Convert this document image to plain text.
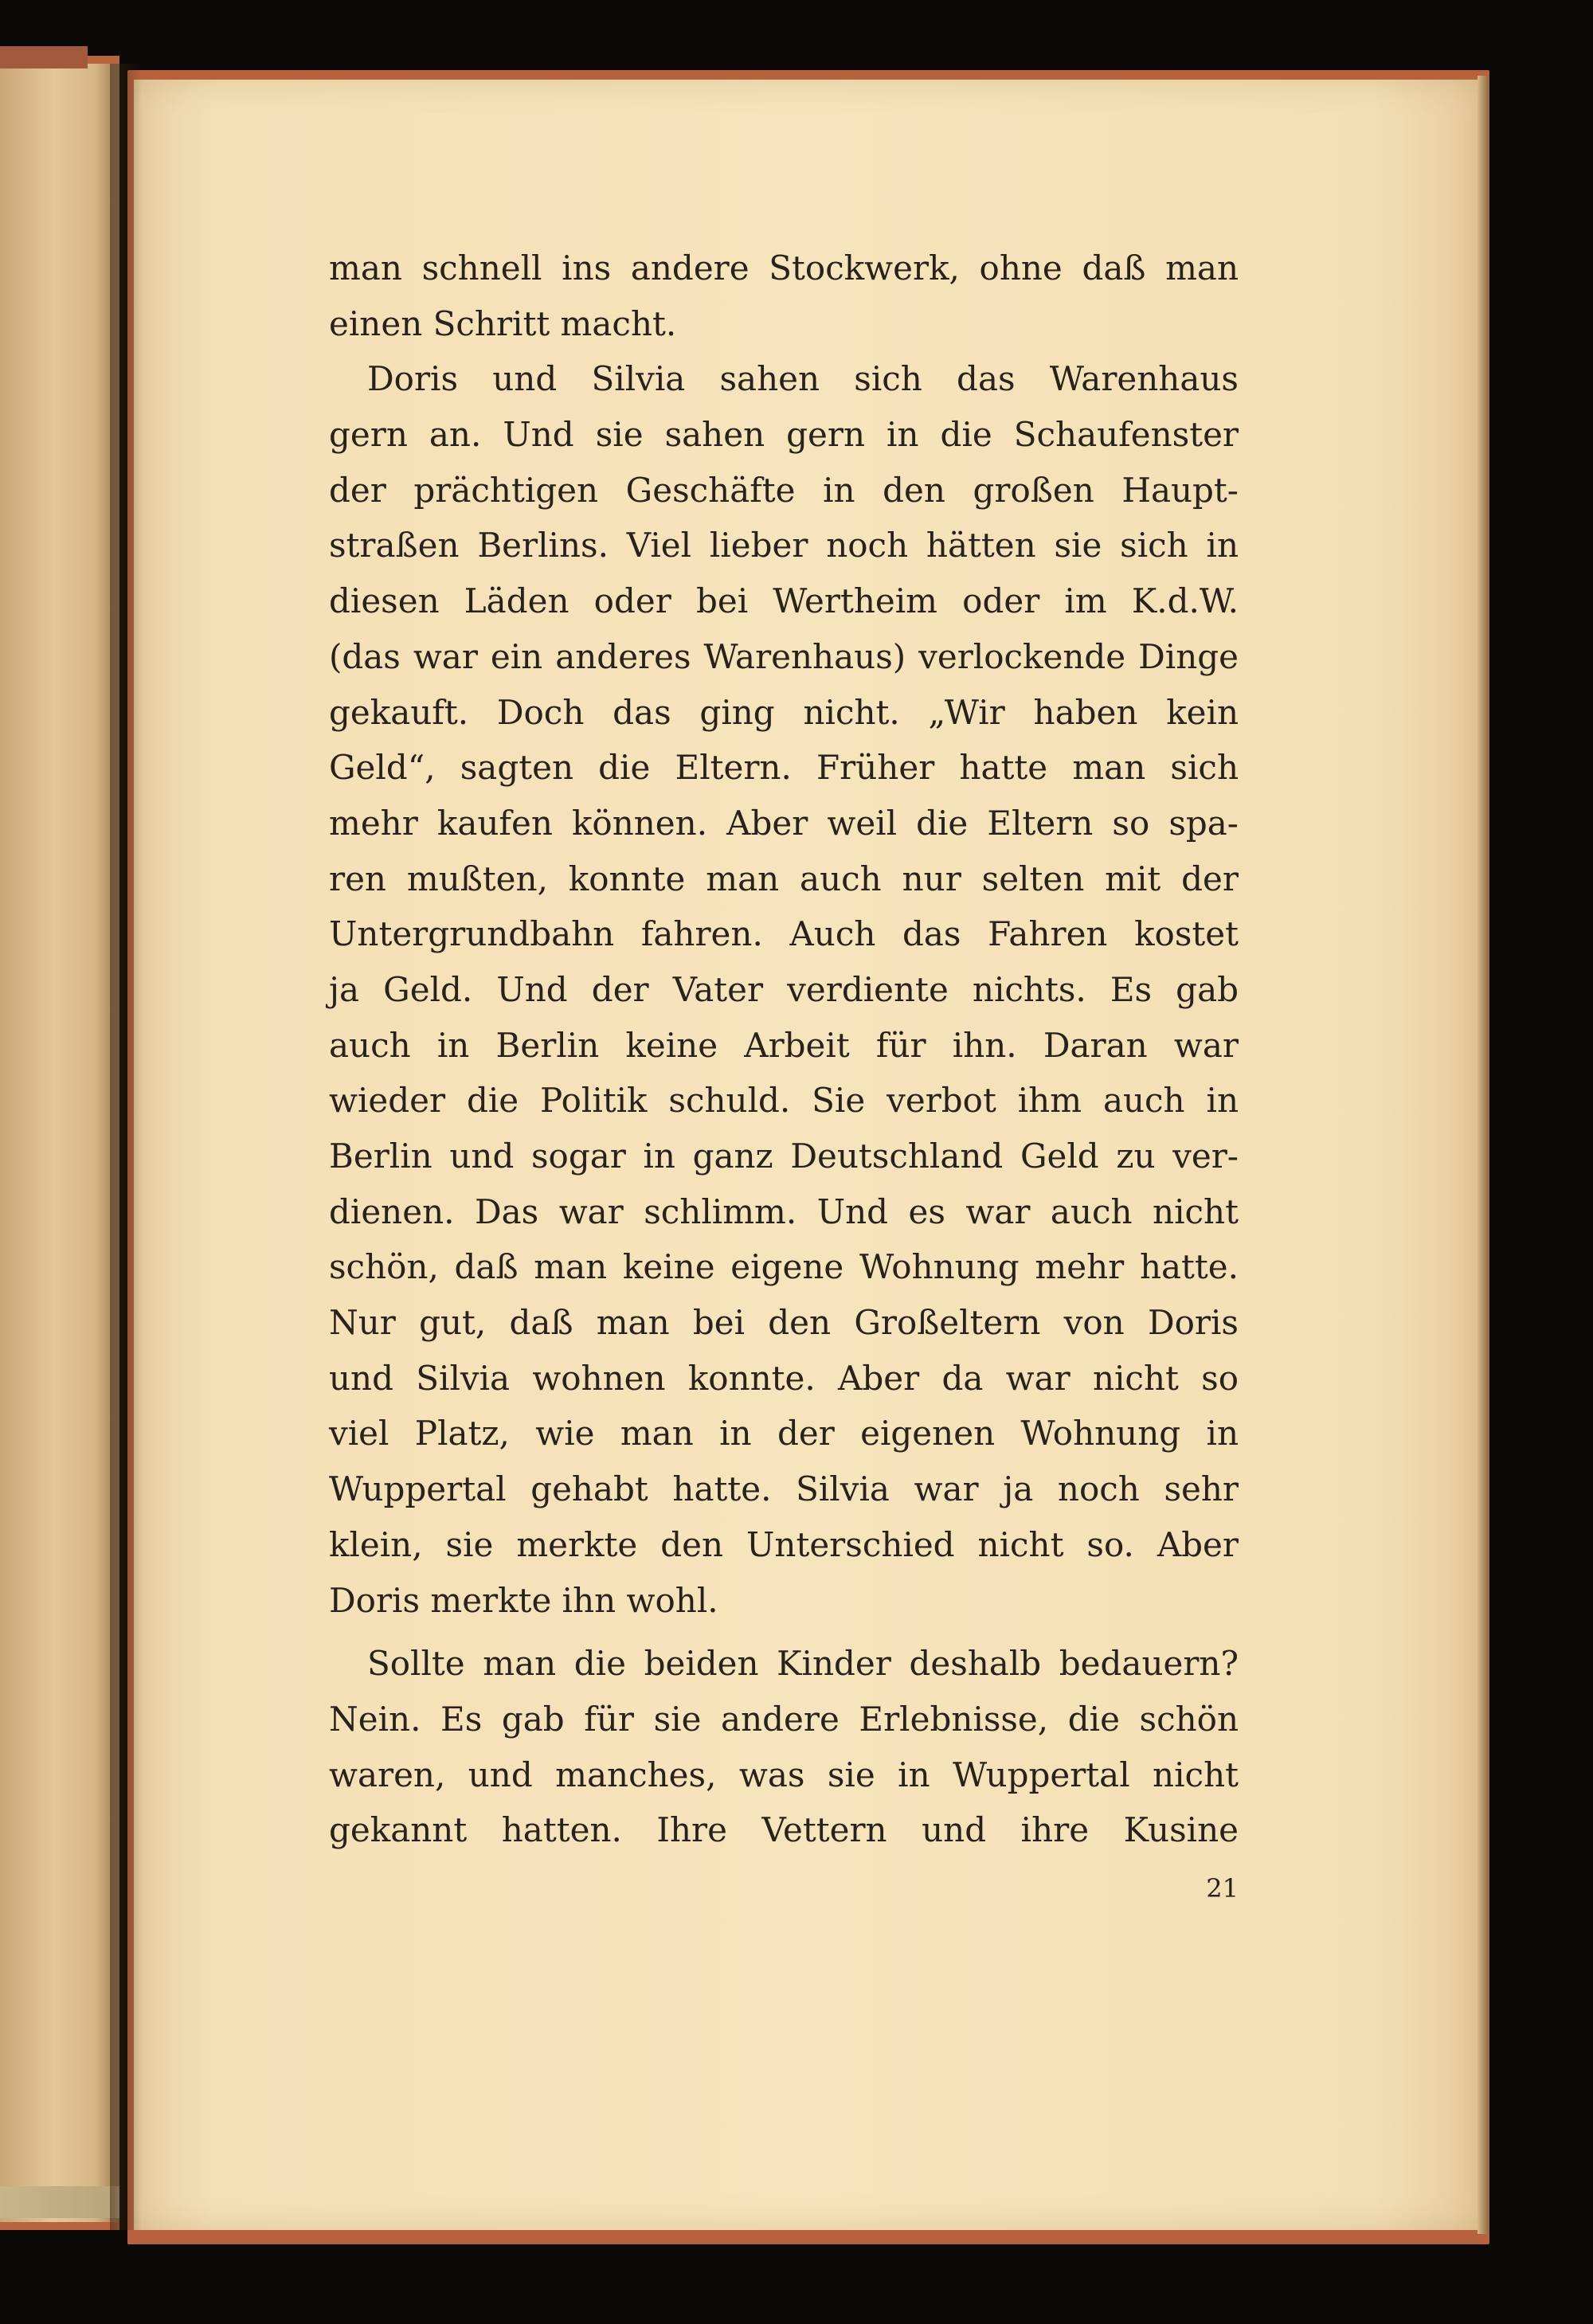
man schnell ins andere Stockwerk, ohne daß man
einen Schritt macht.
Doris und Silvia sahen sich das Warenhaus
gern an. Und sie sahen gern in die Schaufenster
der prächtigen Geschäfte in den großen Haupt-
straßen Berlins. Viel lieber noch hätten sie sich in
diesen Läden oder bei Wertheim oder im K.d.W.
(das war ein anderes Warenhaus) verlockende Dinge
gekauft. Doch das ging nicht. „Wir haben kein
Geld“, sagten die Eltern. Früher hatte man sich
mehr kaufen können. Aber weil die Eltern so spa-
ren mußten, konnte man auch nur selten mit der
Untergrundbahn fahren. Auch das Fahren kostet
ja Geld. Und der Vater verdiente nichts. Es gab
auch in Berlin keine Arbeit für ihn. Daran war
wieder die Politik schuld. Sie verbot ihm auch in
Berlin und sogar in ganz Deutschland Geld zu ver-
dienen. Das war schlimm. Und es war auch nicht
schön, daß man keine eigene Wohnung mehr hatte.
Nur gut, daß man bei den Großeltern von Doris
und Silvia wohnen konnte. Aber da war nicht so
viel Platz, wie man in der eigenen Wohnung in
Wuppertal gehabt hatte. Silvia war ja noch sehr
klein, sie merkte den Unterschied nicht so. Aber
Doris merkte ihn wohl.
Sollte man die beiden Kinder deshalb bedauern?
Nein. Es gab für sie andere Erlebnisse, die schön
waren, und manches, was sie in Wuppertal nicht
gekannt hatten. Ihre Vettern und ihre Kusine
21
